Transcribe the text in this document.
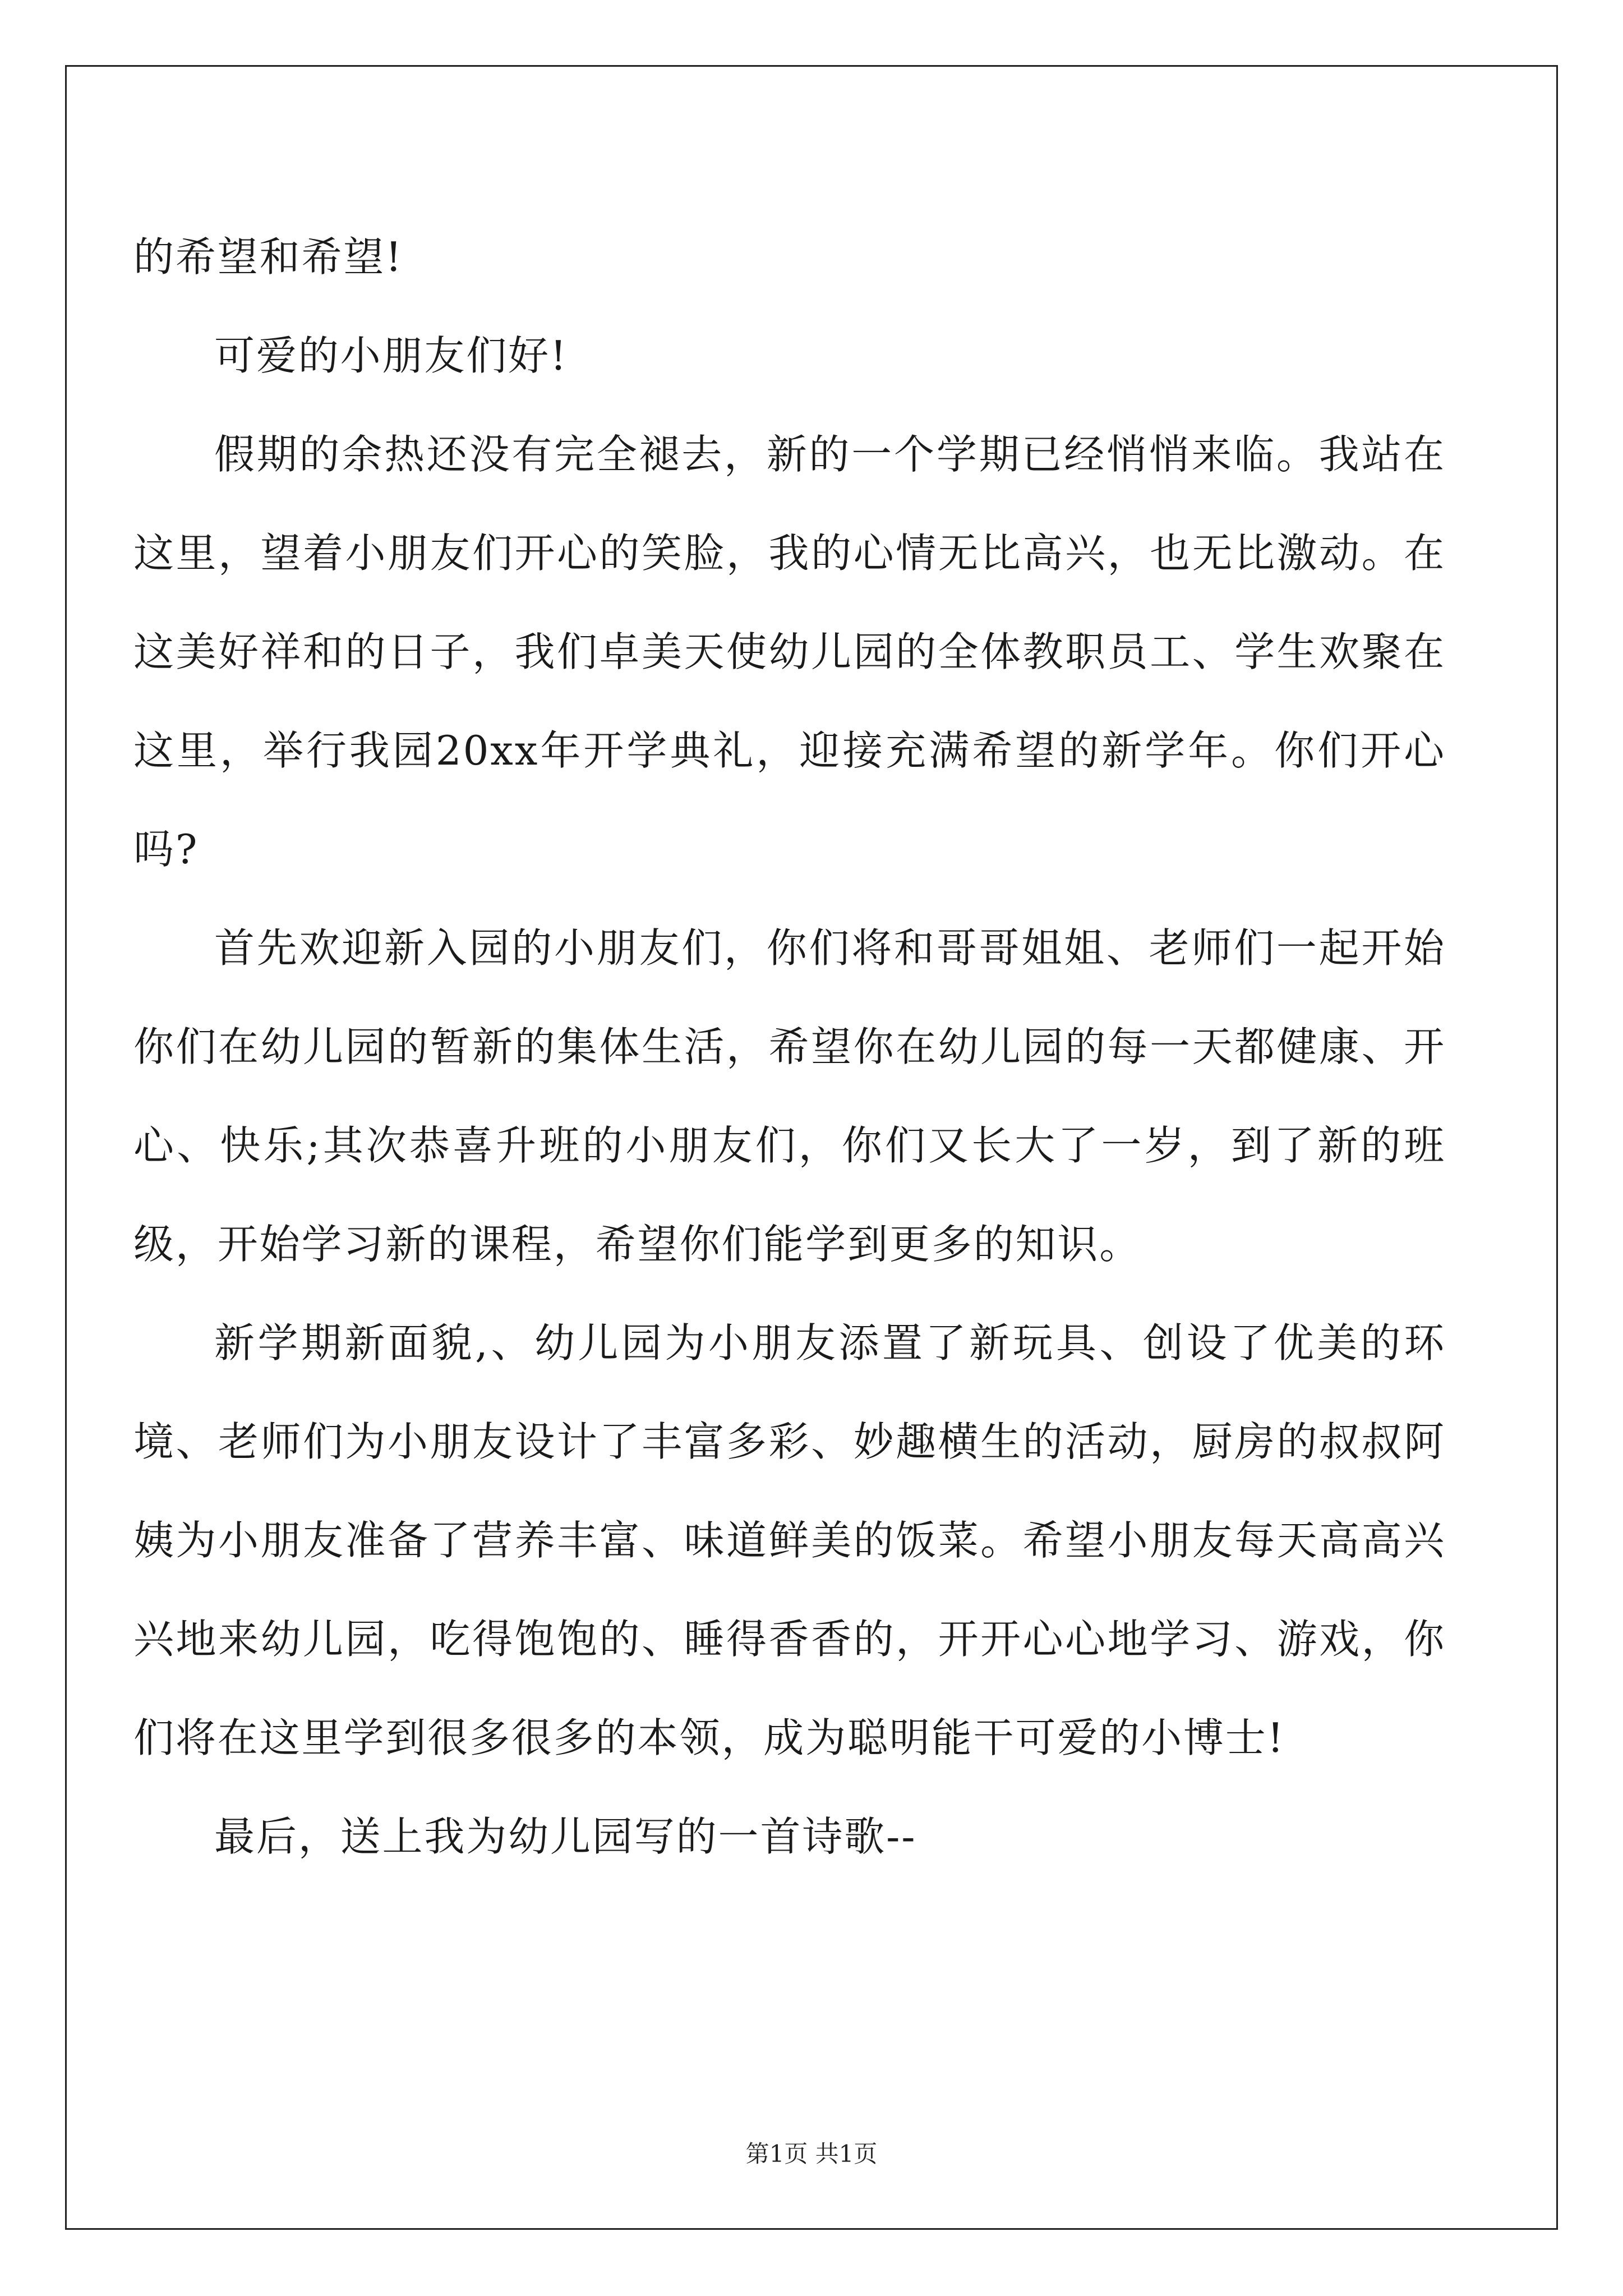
的希望和希望!

可爱的小朋友们好!

假期的余热还没有完全褪去，新的一个学期已经悄悄来临。我站在这里，望着小朋友们开心的笑脸，我的心情无比高兴，也无比激动。在这美好祥和的日子，我们卓美天使幼儿园的全体教职员工、学生欢聚在这里，举行我园20xx年开学典礼，迎接充满希望的新学年。你们开心吗?

首先欢迎新入园的小朋友们，你们将和哥哥姐姐、老师们一起开始你们在幼儿园的暂新的集体生活，希望你在幼儿园的每一天都健康、开心、快乐;其次恭喜升班的小朋友们，你们又长大了一岁，到了新的班级，开始学习新的课程，希望你们能学到更多的知识。

新学期新面貌,、幼儿园为小朋友添置了新玩具、创设了优美的环境、老师们为小朋友设计了丰富多彩、妙趣横生的活动，厨房的叔叔阿姨为小朋友准备了营养丰富、味道鲜美的饭菜。希望小朋友每天高高兴兴地来幼儿园，吃得饱饱的、睡得香香的，开开心心地学习、游戏，你们将在这里学到很多很多的本领，成为聪明能干可爱的小博士!

最后，送上我为幼儿园写的一首诗歌--

第1页 共1页
